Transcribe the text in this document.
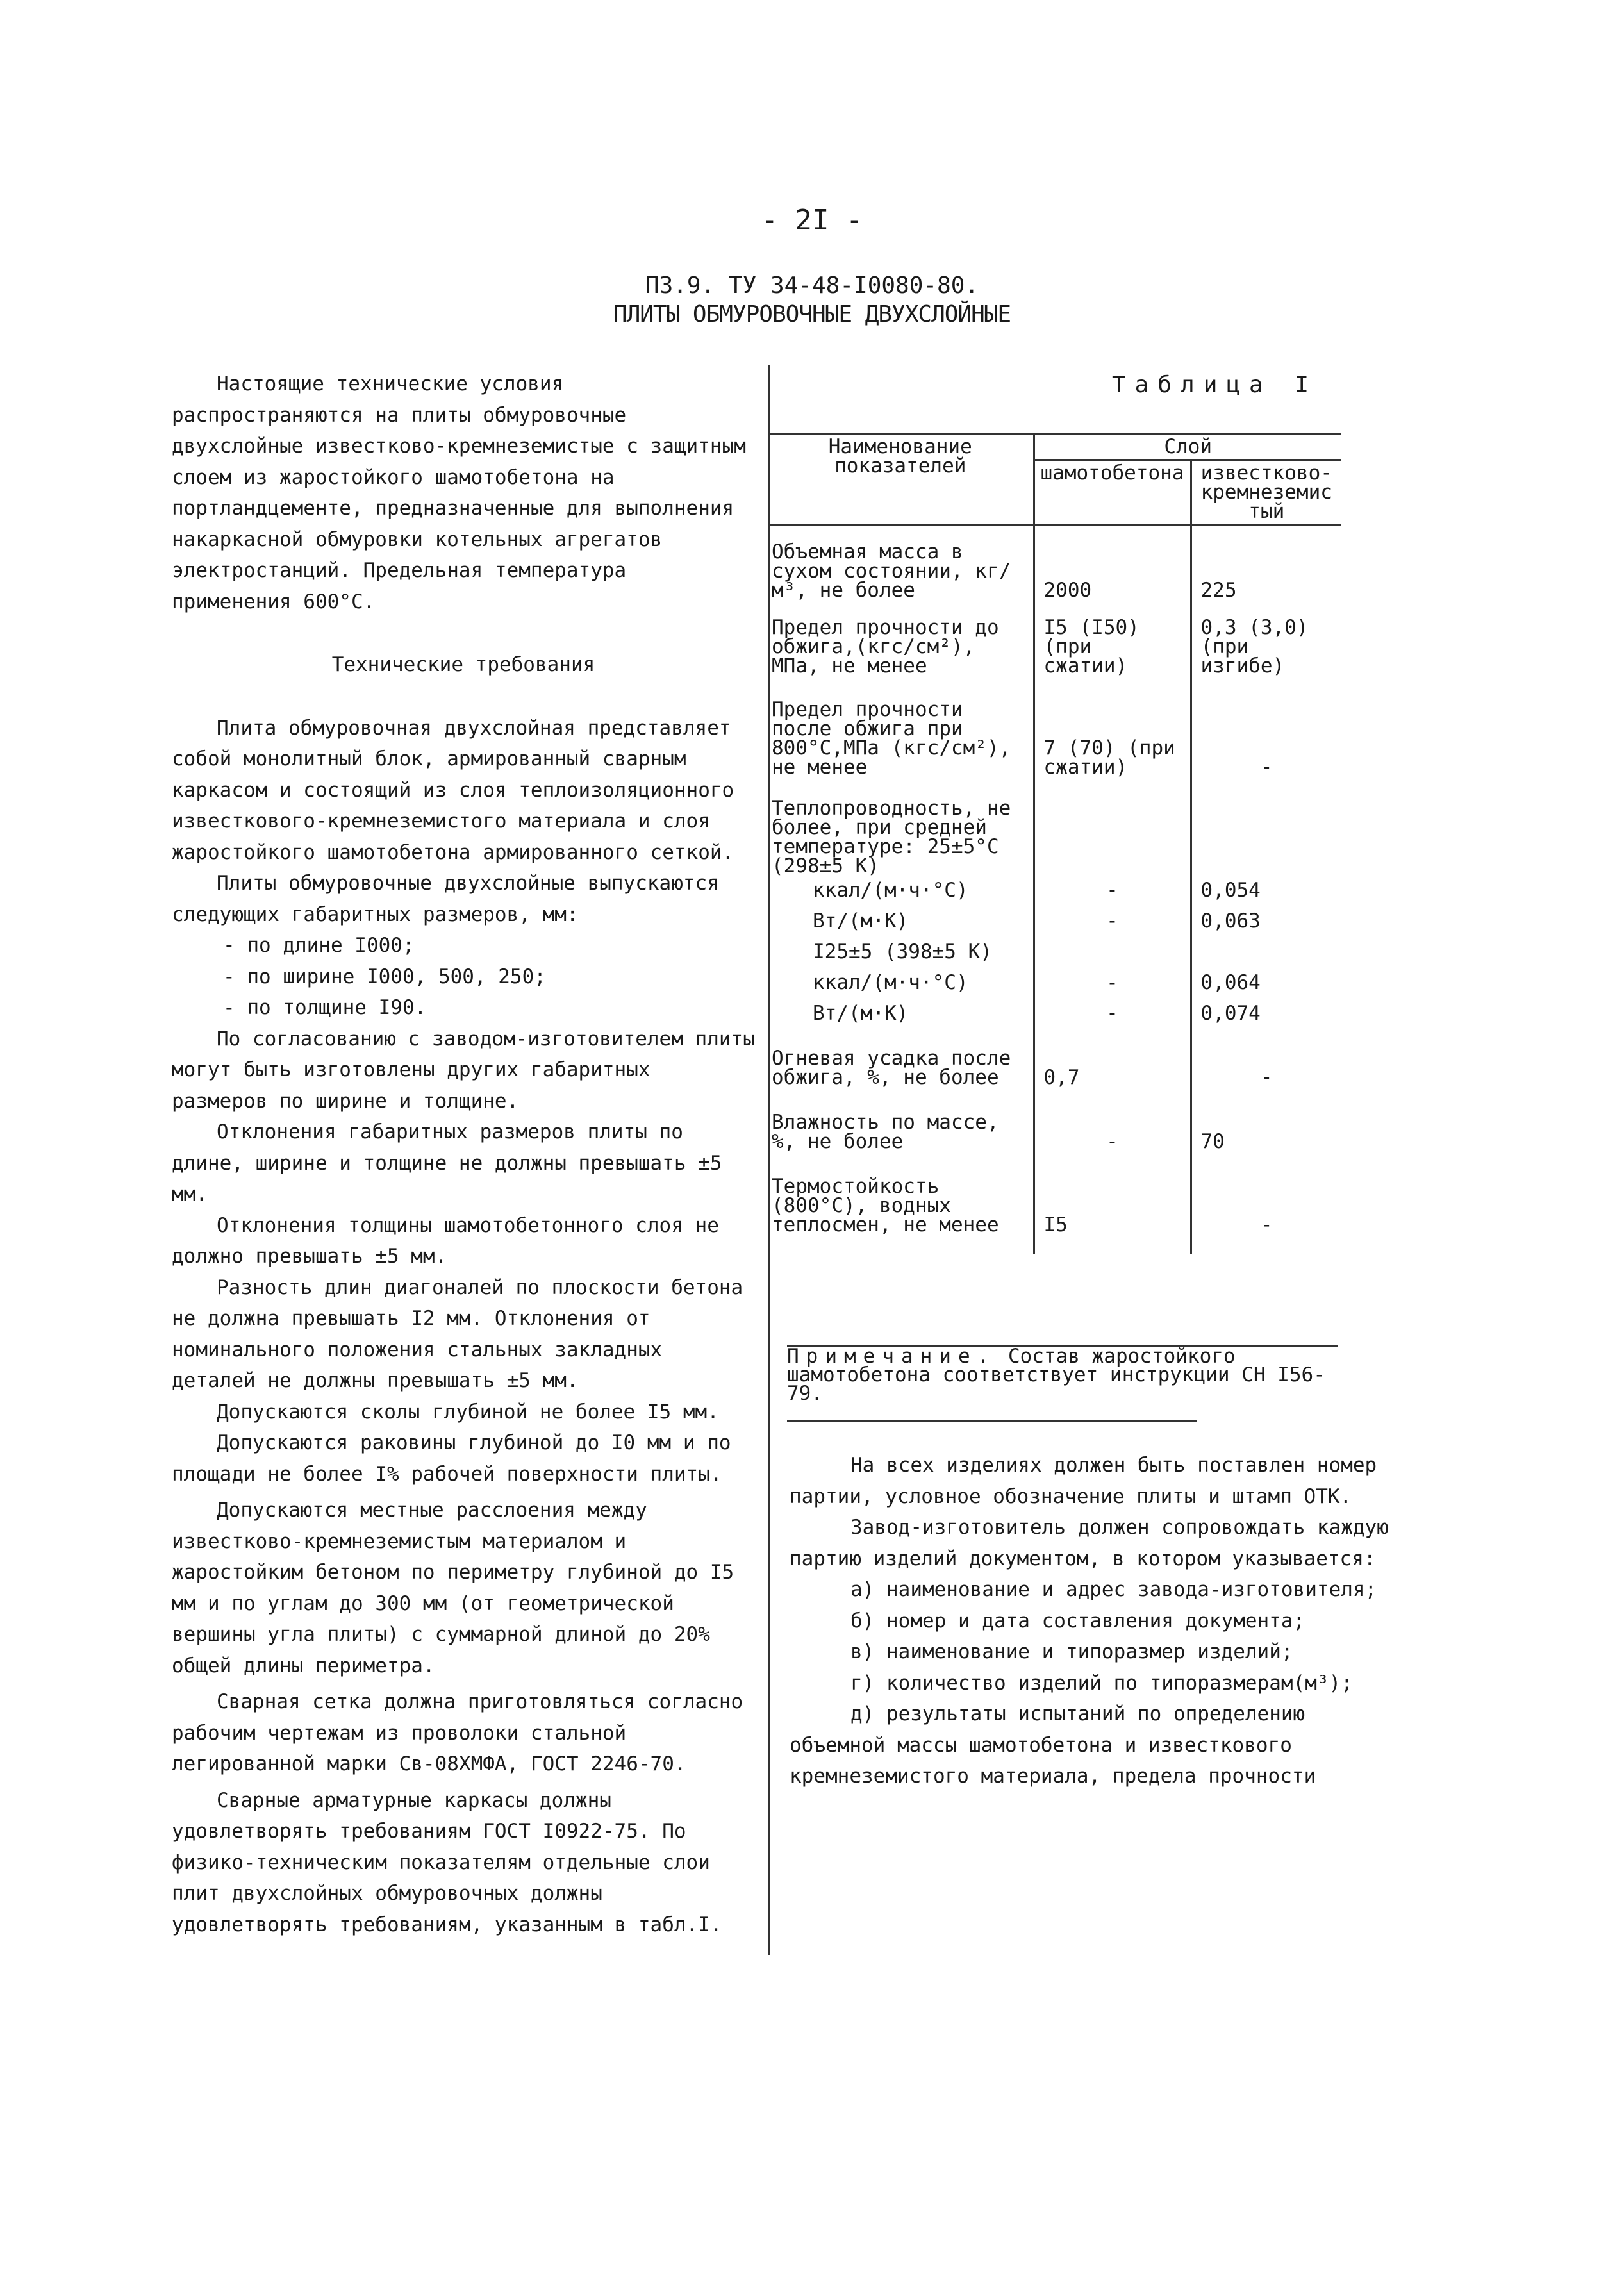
- 2I -
ПЗ.9. ТУ 34-48-I0080-80.
ПЛИТЫ ОБМУРОВОЧНЫЕ ДВУХСЛОЙНЫЕ

Настоящие технические условия распространяются на плиты обмуровочные двухслойные известково-кремнеземистые с защитным слоем из жаростойкого шамотобетона на портландцементе, предназначенные для выполнения накаркасной обмуровки котельных агрегатов электростанций. Предельная температура применения 600°С.

Технические требования

Плита обмуровочная двухслойная представляет собой монолитный блок, армированный сварным каркасом и состоящий из слоя теплоизоляционного известкового-кремнеземистого материала и слоя жаростойкого шамотобетона армированного сеткой.

Плиты обмуровочные двухслойные выпускаются следующих габаритных размеров, мм:

- по длине I000;

- по ширине I000, 500, 250;

- по толщине I90.

По согласованию с заводом-изготовителем плиты могут быть изготовлены других габаритных размеров по ширине и толщине.

Отклонения габаритных размеров плиты по длине, ширине и толщине не должны превышать ±5 мм.

Отклонения толщины шамотобетонного слоя не должно превышать ±5 мм.

Разность длин диагоналей по плоскости бетона не должна превышать I2 мм. Отклонения от номинального положения стальных закладных деталей не должны превышать ±5 мм.

Допускаются сколы глубиной не более I5 мм.

Допускаются раковины глубиной до I0 мм и по площади не более I% рабочей поверхности плиты.

Допускаются местные расслоения между известково-кремнеземистым материалом и жаростойким бетоном по периметру глубиной до I5 мм и по углам до 300 мм (от геометрической вершины угла плиты) с суммарной длиной до 20% общей длины периметра.

Сварная сетка должна приготовляться согласно рабочим чертежам из проволоки стальной легированной марки Св-08ХМФА, ГОСТ 2246-70.

Сварные арматурные каркасы должны удовлетворять требованиям ГОСТ I0922-75. По физико-техническим показателям отдельные слои плит двухслойных обмуровочных должны удовлетворять требованиям, указанным в табл.I.

Таблица I
Наименование показателей	Слой	
	шамотобетона	известково-кремнеземистый
Объемная масса в сухом состоянии, кг/м³, не более	2000	225
Предел прочности до обжига,(кгс/см²), МПа, не менее	I5 (I50) (при сжатии)	0,3 (3,0) (при изгибе)
Предел прочности после обжига при 800°С,МПа (кгс/см²), не менее	7 (70) (при сжатии)	-
Теплопроводность, не более, при средней температуре: 25±5°С (298±5 К)		
ккал/(м·ч·°С)	-	0,054
Вт/(м·К)	-	0,063
I25±5 (398±5 К)		
ккал/(м·ч·°С)	-	0,064
Вт/(м·К)	-	0,074
Огневая усадка после обжига, %, не более	0,7	-
Влажность по массе, %, не более	-	70
Термостойкость (800°С), водных теплосмен, не менее	I5	-
Примечание. Состав жаростойкого шамотобетона соответствует инструкции СН I56-79.

На всех изделиях должен быть поставлен номер партии, условное обозначение плиты и штамп ОТК.

Завод-изготовитель должен сопровождать каждую партию изделий документом, в котором указывается:

а) наименование и адрес завода-изготовителя;

б) номер и дата составления документа;

в) наименование и типоразмер изделий;

г) количество изделий по типоразмерам(м³);

д) результаты испытаний по определению объемной массы шамотобетона и известкового кремнеземистого материала, предела прочности
